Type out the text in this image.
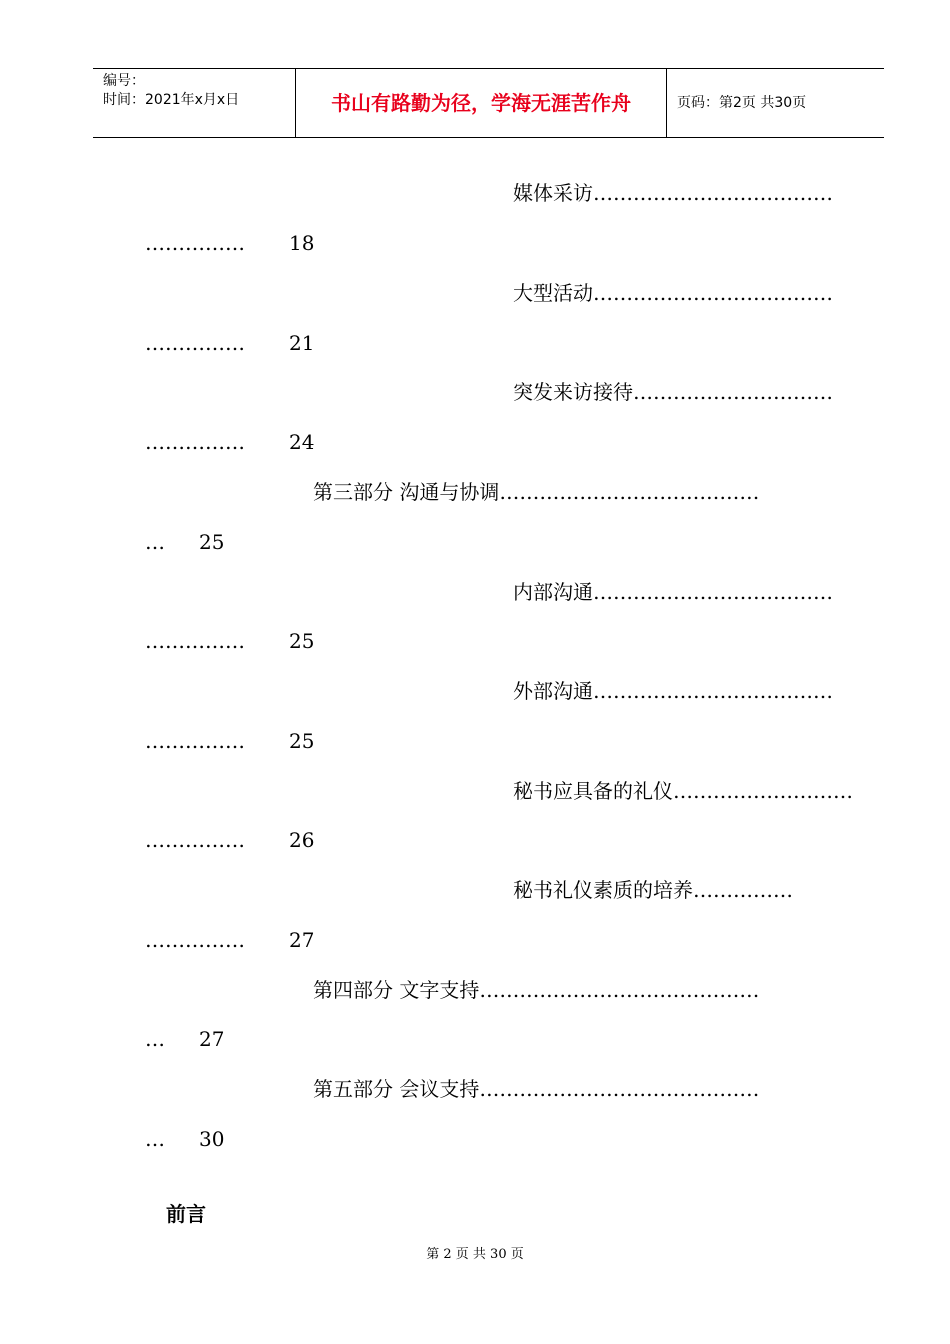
编号：
时间：2021年x月x日	书山有路勤为径，学海无涯苦作舟	页码：第2页 共30页
媒体采访………………………………
…………… 18
大型活动………………………………
…………… 21
突发来访接待…………………………
…………… 24
第三部分 沟通与协调…………………………………
… 25
内部沟通………………………………
…………… 25
外部沟通………………………………
…………… 25
秘书应具备的礼仪………………………
…………… 26
秘书礼仪素质的培养……………
…………… 27
第四部分 文字支持……………………………………
… 27
第五部分 会议支持……………………………………
… 30
前言
第 2 页 共 30 页
